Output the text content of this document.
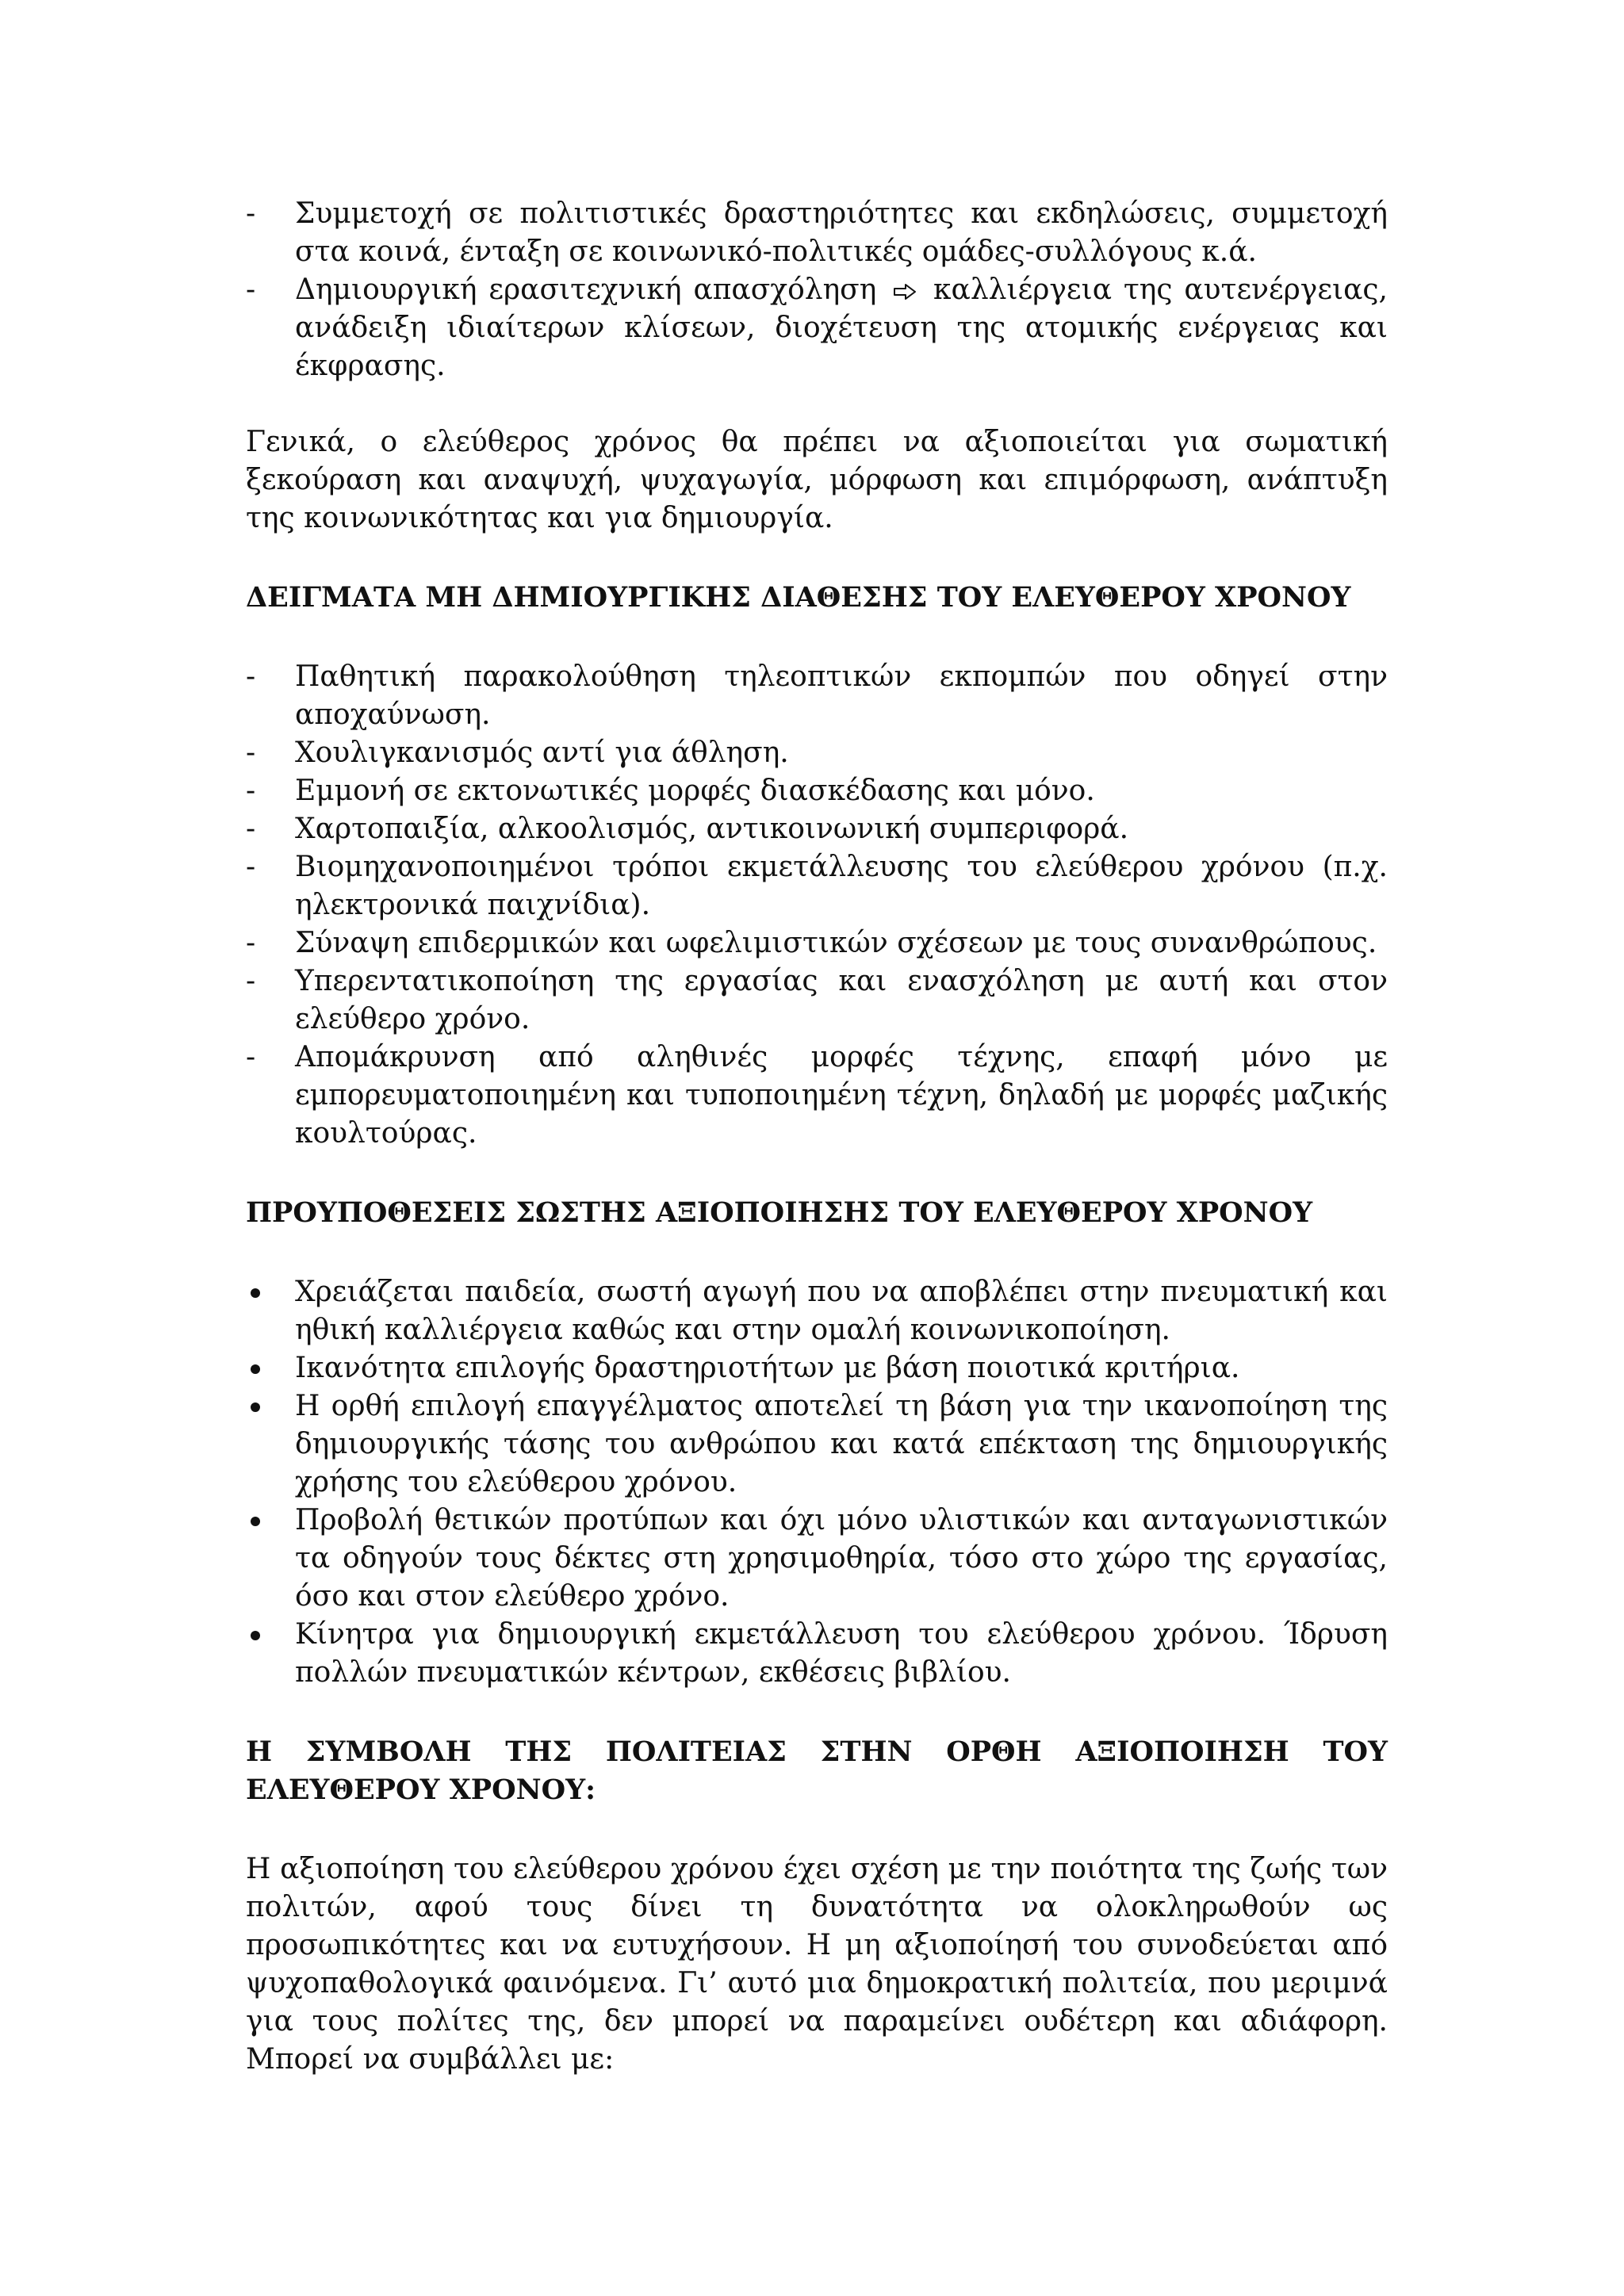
- Συμμετοχή σε πολιτιστικές δραστηριότητες και εκδηλώσεις, συμμετοχή στα κοινά, ένταξη σε κοινωνικό-πολιτικές ομάδες-συλλόγους κ.ά.
- Δημιουργική ερασιτεχνική απασχόληση καλλιέργεια της αυτενέργειας, ανάδειξη ιδιαίτερων κλίσεων, διοχέτευση της ατομικής ενέργειας και έκφρασης.

Γενικά, ο ελεύθερος χρόνος θα πρέπει να αξιοποιείται για σωματική ξεκούραση και αναψυχή, ψυχαγωγία, μόρφωση και επιμόρφωση, ανάπτυξη της κοινωνικότητας και για δημιουργία.

ΔΕΙΓΜΑΤΑ ΜΗ ΔΗΜΙΟΥΡΓΙΚΗΣ ΔΙΑΘΕΣΗΣ ΤΟΥ ΕΛΕΥΘΕΡΟΥ ΧΡΟΝΟΥ
- Παθητική παρακολούθηση τηλεοπτικών εκπομπών που οδηγεί στην αποχαύνωση.
- Χουλιγκανισμός αντί για άθληση.
- Εμμονή σε εκτονωτικές μορφές διασκέδασης και μόνο.
- Χαρτοπαιξία, αλκοολισμός, αντικοινωνική συμπεριφορά.
- Βιομηχανοποιημένοι τρόποι εκμετάλλευσης του ελεύθερου χρόνου (π.χ. ηλεκτρονικά παιχνίδια).
- Σύναψη επιδερμικών και ωφελιμιστικών σχέσεων με τους συνανθρώπους.
- Υπερεντατικοποίηση της εργασίας και ενασχόληση με αυτή και στον ελεύθερο χρόνο.
- Απομάκρυνση από αληθινές μορφές τέχνης, επαφή μόνο με εμπορευματοποιημένη και τυποποιημένη τέχνη, δηλαδή με μορφές μαζικής κουλτούρας.
ΠΡΟΥΠΟΘΕΣΕΙΣ ΣΩΣΤΗΣ ΑΞΙΟΠΟΙΗΣΗΣ ΤΟΥ ΕΛΕΥΘΕΡΟΥ ΧΡΟΝΟΥ
Χρειάζεται παιδεία, σωστή αγωγή που να αποβλέπει στην πνευματική και ηθική καλλιέργεια καθώς και στην ομαλή κοινωνικοποίηση.
Ικανότητα επιλογής δραστηριοτήτων με βάση ποιοτικά κριτήρια.
Η ορθή επιλογή επαγγέλματος αποτελεί τη βάση για την ικανοποίηση της δημιουργικής τάσης του ανθρώπου και κατά επέκταση της δημιουργικής χρήσης του ελεύθερου χρόνου.
Προβολή θετικών προτύπων και όχι μόνο υλιστικών και ανταγωνιστικών τα οδηγούν τους δέκτες στη χρησιμοθηρία, τόσο στο χώρο της εργασίας, όσο και στον ελεύθερο χρόνο.
Κίνητρα για δημιουργική εκμετάλλευση του ελεύθερου χρόνου. Ίδρυση πολλών πνευματικών κέντρων, εκθέσεις βιβλίου.
Η ΣΥΜΒΟΛΗ ΤΗΣ ΠΟΛΙΤΕΙΑΣ ΣΤΗΝ ΟΡΘΗ ΑΞΙΟΠΟΙΗΣΗ ΤΟΥ ΕΛΕΥΘΕΡΟΥ ΧΡΟΝΟΥ:

Η αξιοποίηση του ελεύθερου χρόνου έχει σχέση με την ποιότητα της ζωής των πολιτών, αφού τους δίνει τη δυνατότητα να ολοκληρωθούν ως προσωπικότητες και να ευτυχήσουν. Η μη αξιοποίησή του συνοδεύεται από ψυχοπαθολογικά φαινόμενα. Γι’ αυτό μια δημοκρατική πολιτεία, που μεριμνά για τους πολίτες της, δεν μπορεί να παραμείνει ουδέτερη και αδιάφορη. Μπορεί να συμβάλλει με:
